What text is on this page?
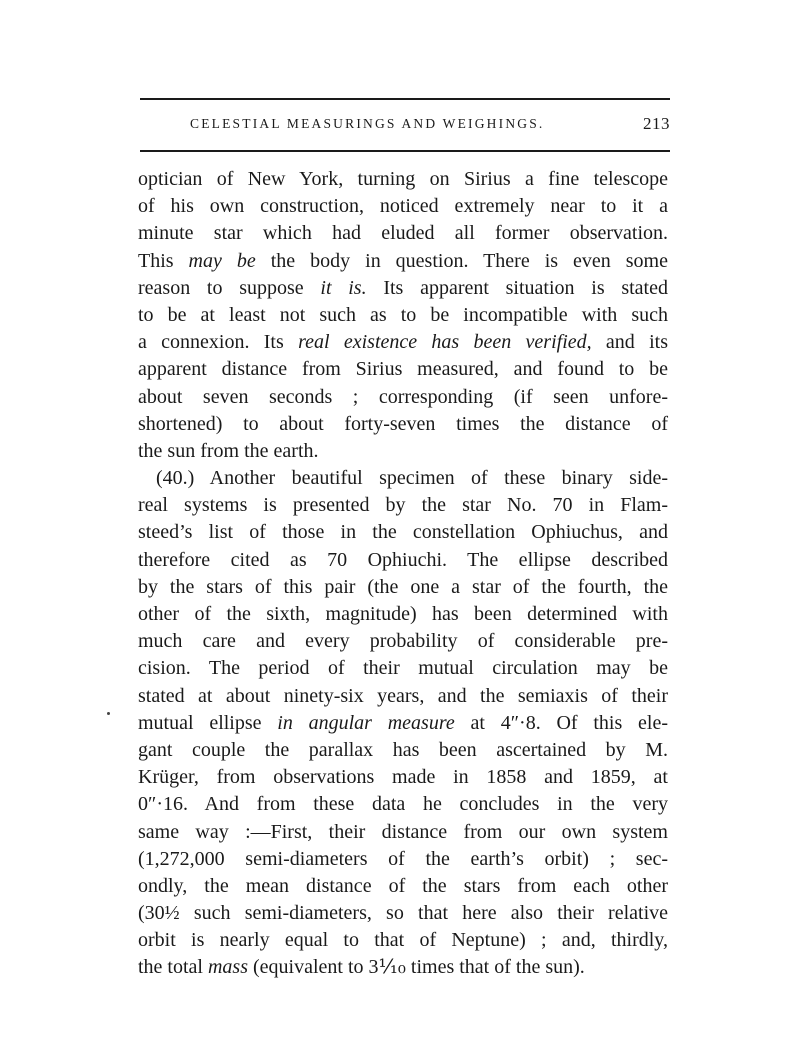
CELESTIAL MEASURINGS AND WEIGHINGS.	213
optician of New York, turning on Sirius a fine telescope
of his own construction, noticed extremely near to it a
minute star which had eluded all former observation.
This may be the body in question. There is even some
reason to suppose it is. Its apparent situation is stated
to be at least not such as to be incompatible with such
a connexion. Its real existence has been verified, and its
apparent distance from Sirius measured, and found to be
about seven seconds ; corresponding (if seen unfore-
shortened) to about forty-seven times the distance of
the sun from the earth.
(40.) Another beautiful specimen of these binary side-
real systems is presented by the star No. 70 in Flam-
steed’s list of those in the constellation Ophiuchus, and
therefore cited as 70 Ophiuchi. The ellipse described
by the stars of this pair (the one a star of the fourth, the
other of the sixth, magnitude) has been determined with
much care and every probability of considerable pre-
cision. The period of their mutual circulation may be
stated at about ninety-six years, and the semiaxis of their
mutual ellipse in angular measure at 4″·8. Of this ele-
gant couple the parallax has been ascertained by M.
Krüger, from observations made in 1858 and 1859, at
0″·16. And from these data he concludes in the very
same way :—First, their distance from our own system
(1,272,000 semi-diameters of the earth’s orbit) ; sec-
ondly, the mean distance of the stars from each other
(30½ such semi-diameters, so that here also their relative
orbit is nearly equal to that of Neptune) ; and, thirdly,
the total mass (equivalent to 3⅒ times that of the sun).
